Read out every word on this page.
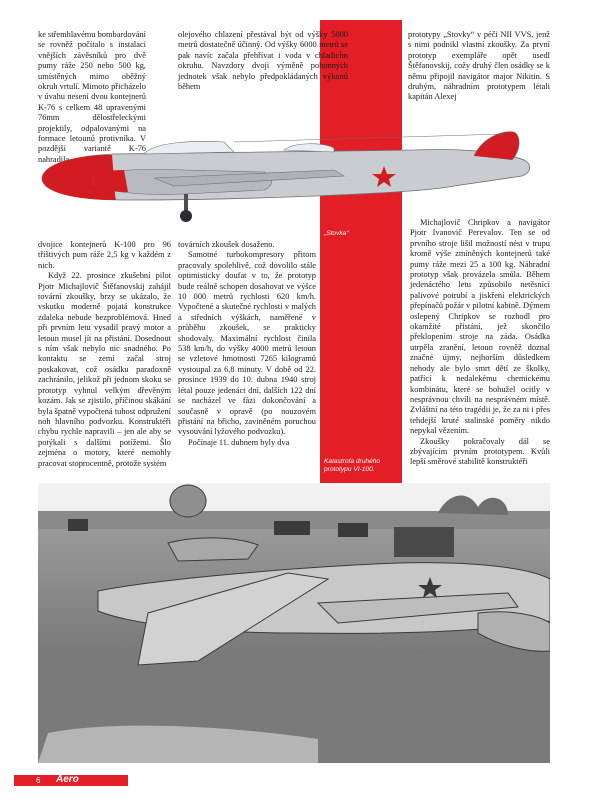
ke střemhlavému bombardování se rovněž počítalo s instalací vnějších závěsníků pro dvě pumy ráže 250 nebo 500 kg, umístěných mimo oběžný okruh vrtulí. Mimoto přicházelo v úvahu nesení dvou kontejnerů K-76 s celkem 48 upravenými 76mm dělostřeleckými projektily, odpalovanými na formace letounů protivníka. V pozdější variantě K-76 nahradila

olejového chlazení přestával být od výšky 5000 metrů dostatečně účinný. Od výšky 6000 metrů se pak navíc začala přehřívat i voda v chladicím okruhu. Navzdory dvoji výměně pohonných jednotek však nebylo předpokládaných výkonů během

prototypy „Stovky“ v péči NII VVS, jenž s nimi podnikl vlastní zkoušky. Za první prototyp exempláře opět usedl Štěfanovskij, cožy druhý člen osádky se k němu připojil navigátor major Nikitin. S druhým, náhradním prototypem létali kapitán Alexej

„Stovka“

dvojice kontejnerů K-100 pro 96 tříštivých pum ráže 2,5 kg v každém z nich.

Když 22. prosince zkušební pilot Pjotr Michajlovič Štěfanovskij zahájil tovární zkoušky, brzy se ukázalo, že vskutku moderně pojatá konstrukce zdaleka nebude bezproblémová. Hned při prvním letu vysadil pravý motor a letoun musel jít na přistání. Dosednout s ním však nebylo nic snadného. Po kontaktu se zemí začal stroj poskakovat, což osádku paradoxně zachránilo, jelikož při jednom skoku se prototyp vyhnul velkým dřevěným kozám. Jak se zjistilo, příčinou skákání byla špatně vypočtená tuhost odpružení noh hlavního podvozku. Konstruktéři chybu rychle napravili – jen ale aby se potýkali s dalšími potížemi. Šlo zejména o motory, které nemohly pracovat stoprocentně, protože systém

továrních zkoušek dosaženo.

Samotné turbokompresory přitom pracovaly spolehlivě, což dovolilo stále optimisticky doufat v to, že prototyp bude reálně schopen dosahovat ve výšce 10 000 metrů rychlosti 620 km/h. Vypočtené a skutečné rychlosti v malých a středních výškách, naměřené v průběhu zkoušek, se prakticky shodovaly. Maximální rychlost činila 538 km/h, do výšky 4000 metrů letoun se vzletové hmotnosti 7265 kilogramů vystoupal za 6,8 minuty. V době od 22. prosince 1939 do 10. dubna 1940 stroj létal pouze jedenáct dní, dalších 122 dní se nacházel ve fázi dokončování a současně v opravě (po nouzovém přistání na břicho, zaviněném poruchou vysouvání lyžového podvozku).

Počínaje 11. dubnem byly dva

Michajlovič Chripkov a navigátor Pjotr Ivanovič Perevalov. Ten se od prvního stroje lišil možností nést v trupu kromě výše zmíněných kontejnerů také pumy ráže mezi 25 a 100 kg. Náhradní prototyp však provázela smůla. Během jedenáctého letu způsobilo netěsnící palivové potrubí a jiskření elektrických přepínačů požár v pilotní kabině. Dýmem oslepený Chripkov se rozhodl pro okamžité přistání, jež skončilo překlopením stroje na záda. Osádka utrpěla zranění, letoun rovněž doznal značné újmy, nejhorším důsledkem nehody ale bylo smrt dětí ze školky, patřící k nedalekému chemickému kombinátu, které se bohužel ocitly v nesprávnou chvíli na nesprávném místě. Zvláštní na této tragédii je, že za ni i přes tehdejší kruté stalinské poměry nikdo nepykal vězením.

Zkoušky pokračovaly dál se zbývajícím prvním prototypem. Kvůli lepší směrové stabilitě konstruktéři

Katastrofa druhého
prototypu VI-100.
6 Aero
